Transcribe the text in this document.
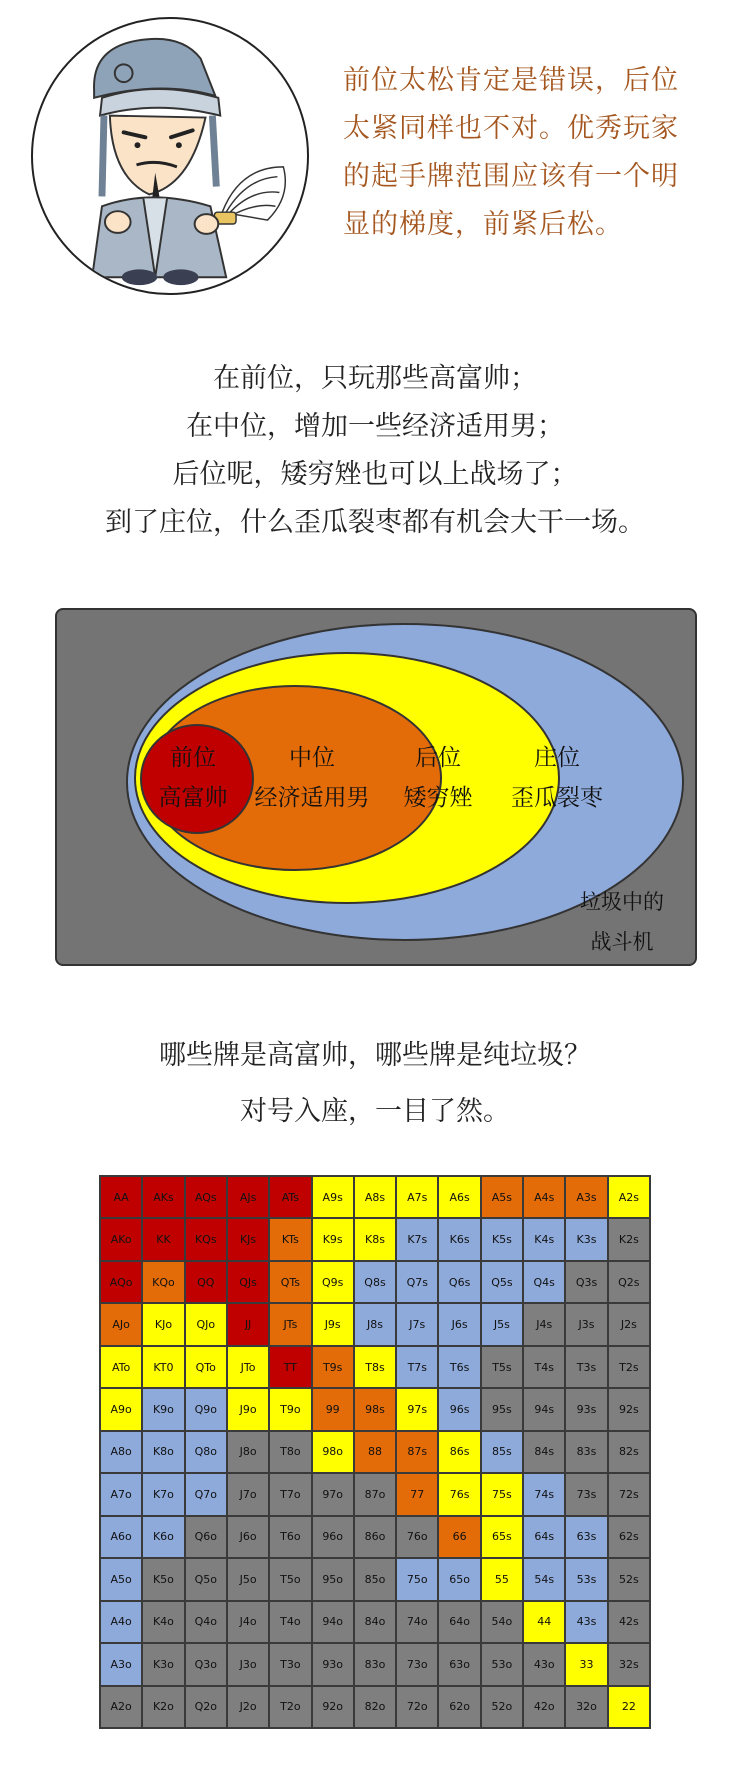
前位太松肯定是错误，后位
太紧同样也不对。优秀玩家
的起手牌范围应该有一个明
显的梯度，前紧后松。
在前位，只玩那些高富帅；
在中位，增加一些经济适用男；
后位呢，矮穷矬也可以上战场了；
到了庄位，什么歪瓜裂枣都有机会大干一场。
前位
高富帅
中位
经济适用男
后位
矮穷矬
庄位
歪瓜裂枣
垃圾中的
战斗机
哪些牌是高富帅，哪些牌是纯垃圾？
对号入座，一目了然。
AA	AKs	AQs	AJs	ATs	A9s	A8s	A7s	A6s	A5s	A4s	A3s	A2s
AKo	KK	KQs	KJs	KTs	K9s	K8s	K7s	K6s	K5s	K4s	K3s	K2s
AQo	KQo	QQ	QJs	QTs	Q9s	Q8s	Q7s	Q6s	Q5s	Q4s	Q3s	Q2s
AJo	KJo	QJo	JJ	JTs	J9s	J8s	J7s	J6s	J5s	J4s	J3s	J2s
ATo	KT0	QTo	JTo	TT	T9s	T8s	T7s	T6s	T5s	T4s	T3s	T2s
A9o	K9o	Q9o	J9o	T9o	99	98s	97s	96s	95s	94s	93s	92s
A8o	K8o	Q8o	J8o	T8o	98o	88	87s	86s	85s	84s	83s	82s
A7o	K7o	Q7o	J7o	T7o	97o	87o	77	76s	75s	74s	73s	72s
A6o	K6o	Q6o	J6o	T6o	96o	86o	76o	66	65s	64s	63s	62s
A5o	K5o	Q5o	J5o	T5o	95o	85o	75o	65o	55	54s	53s	52s
A4o	K4o	Q4o	J4o	T4o	94o	84o	74o	64o	54o	44	43s	42s
A3o	K3o	Q3o	J3o	T3o	93o	83o	73o	63o	53o	43o	33	32s
A2o	K2o	Q2o	J2o	T2o	92o	82o	72o	62o	52o	42o	32o	22
